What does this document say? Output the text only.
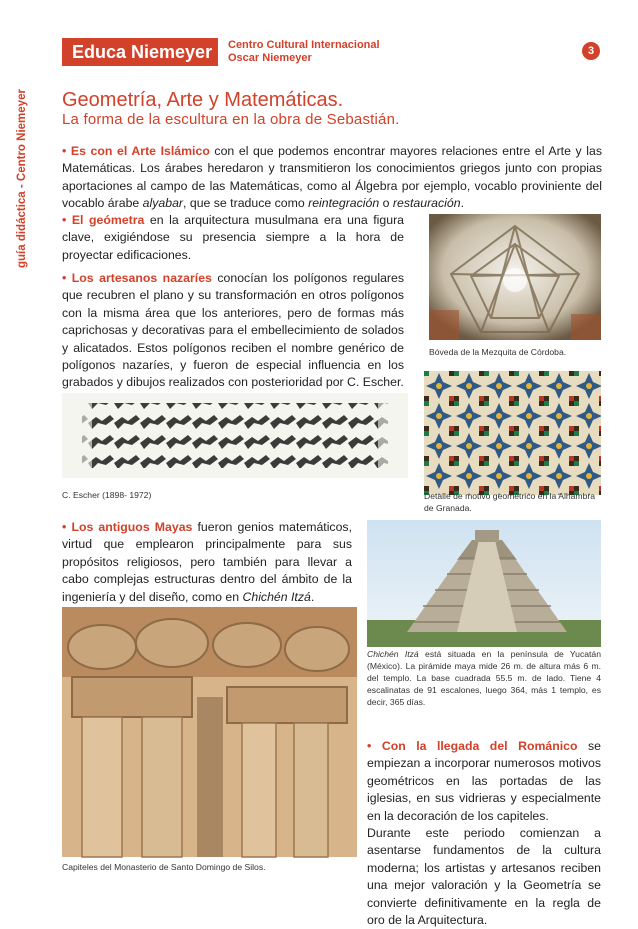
guía didáctica - Centro Niemeyer
Educa Niemeyer	Centro Cultural Internacional
Oscar Niemeyer
3
Geometría, Arte y Matemáticas.
La forma de la escultura en la obra de Sebastián.
• Es con el Arte Islámico con el que podemos encontrar mayores relaciones entre el Arte y las Matemáticas. Los árabes heredaron y transmitieron los conocimientos griegos junto con propias aportaciones al campo de las Matemáticas, como al Álgebra por ejemplo, vocablo proviniente del vocablo árabe alyabar, que se traduce como reintegración o restauración.
• El geómetra en la arquitectura musulmana era una figura clave, exigiéndose su presencia siempre a la hora de proyectar edificaciones.
• Los artesanos nazaríes conocían los polígonos regulares que recubren el plano y su transformación en otros polígonos con la misma área que los anteriores, pero de formas más caprichosas y decorativas para el embellecimiento de solados y alicatados. Estos polígonos reciben el nombre genérico de polígonos nazaríes, y fueron de especial influencia en los grabados y dibujos realizados con posterioridad por C. Escher.
Bóveda de la Mezquita de Córdoba.
Detalle de motivo geométrico en la Alhambra de Granada.
C. Escher (1898- 1972)
• Los antiguos Mayas fueron genios matemáticos, virtud que emplearon principalmente para sus propósitos religiosos, pero también para llevar a cabo complejas estructuras dentro del ámbito de la ingeniería y del diseño, como en Chichén Itzá.
Chichén Itzá está situada en la península de Yucatán (México). La pirámide maya mide 26 m. de altura más 6 m. del templo. La base cuadrada 55.5 m. de lado. Tiene 4 escalinatas de 91 escalones, luego 364, más 1 templo, es decir, 365 días.
Capiteles del Monasterio de Santo Domingo de Silos.
• Con la llegada del Románico se empiezan a incorporar numerosos motivos geométricos en las portadas de las iglesias, en sus vidrieras y especialmente en la decoración de los capiteles.
Durante este periodo comienzan a asentarse fundamentos de la cultura moderna; los artistas y artesanos reciben una mejor valoración y la Geometría se convierte definitivamente en la regla de oro de la Arquitectura.
